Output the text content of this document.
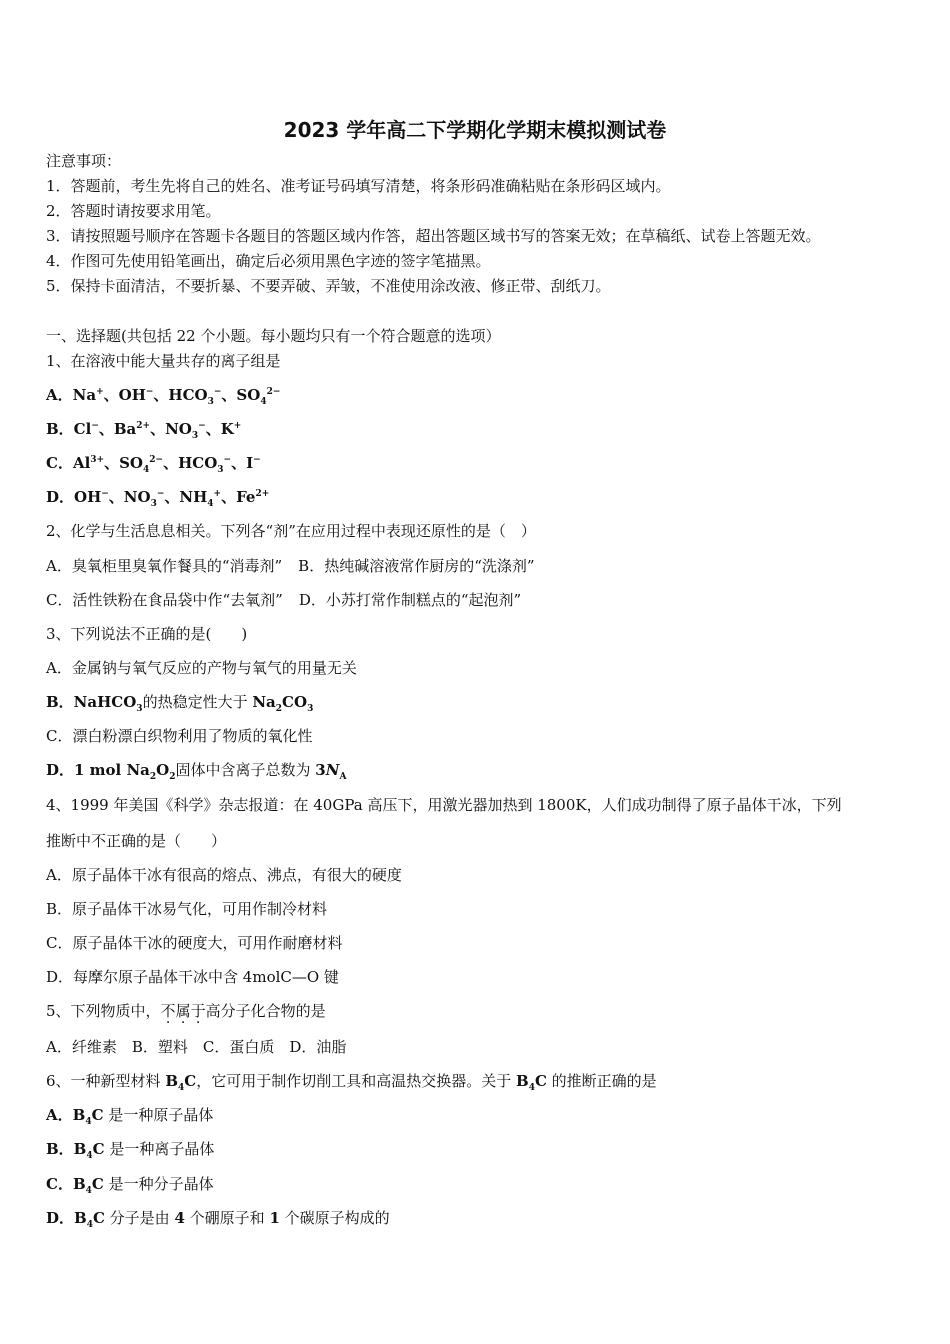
2023 学年高二下学期化学期末模拟测试卷
注意事项：
1．答题前，考生先将自己的姓名、准考证号码填写清楚，将条形码准确粘贴在条形码区域内。
2．答题时请按要求用笔。
3．请按照题号顺序在答题卡各题目的答题区域内作答，超出答题区域书写的答案无效；在草稿纸、试卷上答题无效。
4．作图可先使用铅笔画出，确定后必须用黑色字迹的签字笔描黑。
5．保持卡面清洁，不要折暴、不要弄破、弄皱，不准使用涂改液、修正带、刮纸刀。
一、选择题(共包括 22 个小题。每小题均只有一个符合题意的选项）
1、在溶液中能大量共存的离子组是
A．Na+、OH−、$HCO_3^-$、$SO_4^{2-}$
B．Cl−、$Ba^{2+}$、$NO_3^-$、K+
C．$Al^{3+}$、$SO_4^{2-}$、$HCO_3^-$、I−
D．OH−、$NO_3^-$、$NH_4^+$、$Fe^{2+}$
2、化学与生活息息相关。下列各“剂”在应用过程中表现还原性的是（　）
A．臭氧柜里臭氧作餐具的“消毒剂” B．热纯碱溶液常作厨房的“洗涤剂”
C．活性铁粉在食品袋中作“去氧剂” D．小苏打常作制糕点的“起泡剂”
3、下列说法不正确的是(　　)
A．金属钠与氧气反应的产物与氧气的用量无关
B．NaHCO$_3$的热稳定性大于 $Na_2CO_3$
C．漂白粉漂白织物利用了物质的氧化性
D．1 mol $Na_2O_2$固体中含离子总数为 $3N_A$
4、1999 年美国《科学》杂志报道：在 40GPa 高压下，用激光器加热到 1800K，人们成功制得了原子晶体干冰，下列
推断中不正确的是（　　）
A．原子晶体干冰有很高的熔点、沸点，有很大的硬度
B．原子晶体干冰易气化，可用作制冷材料
C．原子晶体干冰的硬度大，可用作耐磨材料
D．每摩尔原子晶体干冰中含 4molC—O 键
5、下列物质中，不属于高分子化合物的是
A．纤维素　B．塑料　C．蛋白质　D．油脂
6、一种新型材料 $B_4C$，它可用于制作切削工具和高温热交换器。关于 $B_4C$ 的推断正确的是
A．$B_4C$ 是一种原子晶体
B．$B_4C$ 是一种离子晶体
C．$B_4C$ 是一种分子晶体
D．$B_4C$ 分子是由 4 个硼原子和 1 个碳原子构成的
